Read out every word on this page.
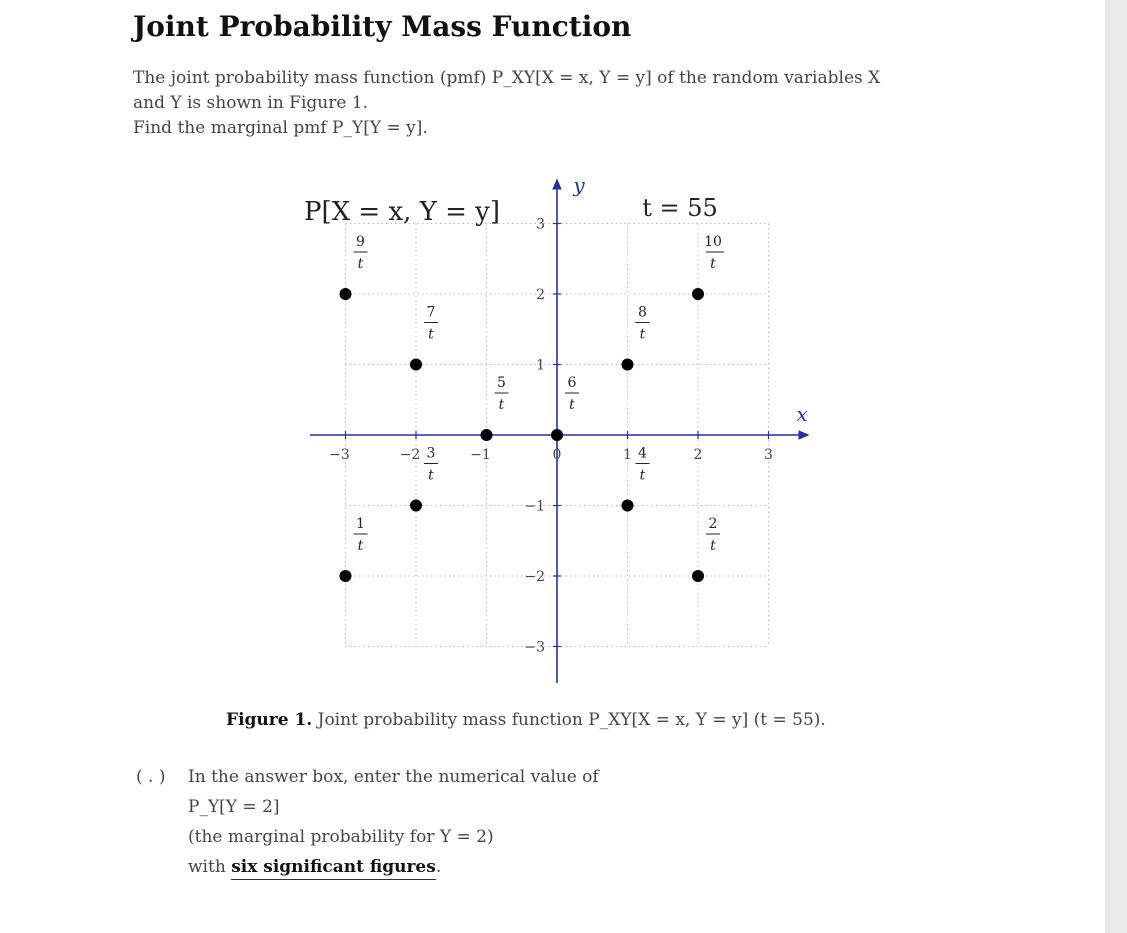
Joint Probability Mass Function
The joint probability mass function (pmf) P_XY[X = x, Y = y] of the random variables X
and Y is shown in Figure 1.
Find the marginal pmf P_Y[Y = y].
−3	−2	−1	0	1	2	3
3
2
1
−1
−2
−3
x
y
P[X = x, Y = y]	t = 55
9
t
7
t
5
t
6
t
8
t
10
t
3
t
4
t
1
t
2
t
Figure 1. Joint probability mass function P_XY[X = x, Y = y] (t = 55).
( . ) In the answer box, enter the numerical value of
P_Y[Y = 2]
(the marginal probability for Y = 2)
with six significant figures.
